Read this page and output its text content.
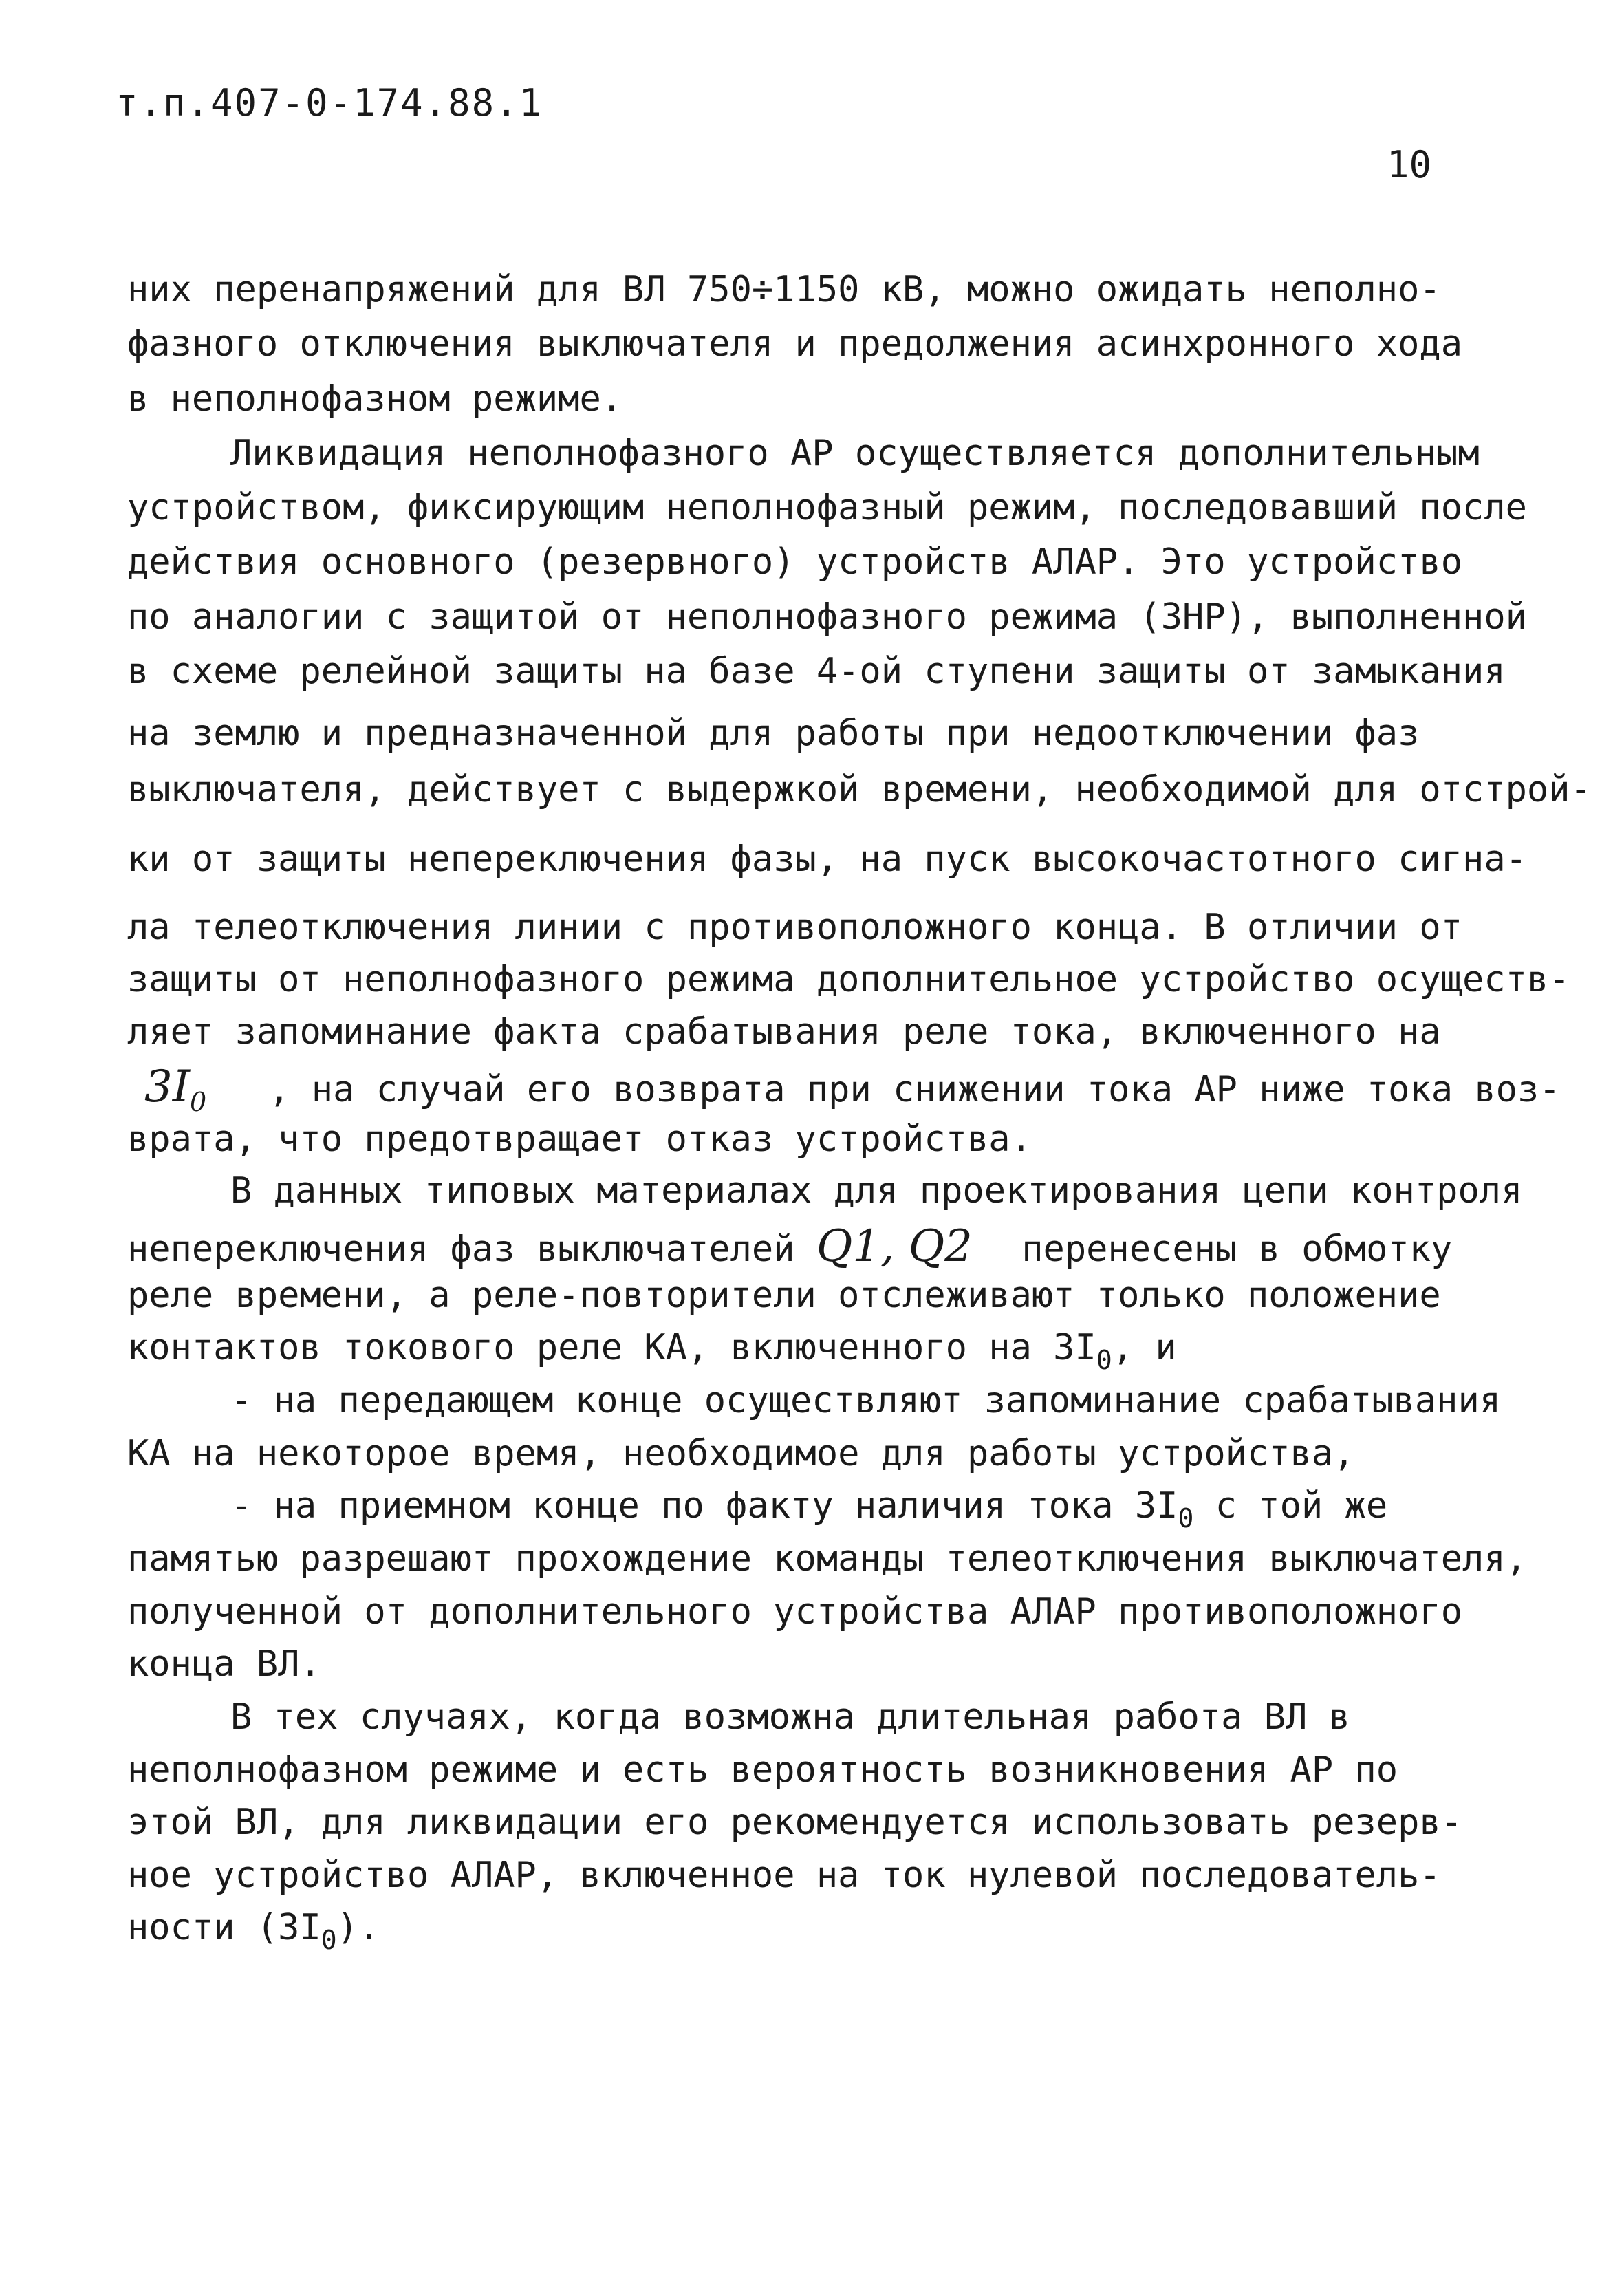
т.п.407-0-174.88.1
10
них перенапряжений для ВЛ 750÷1150 кВ, можно ожидать неполно-
фазного отключения выключателя и предолжения асинхронного хода
в неполнофазном режиме.
Ликвидация неполнофазного АР осуществляется дополнительным
устройством, фиксирующим неполнофазный режим, последовавший после
действия основного (резервного) устройств АЛАР. Это устройство
по аналогии с защитой от неполнофазного режима (ЗНР), выполненной
в схеме релейной защиты на базе 4-ой ступени защиты от замыкания
на землю и предназначенной для работы при недоотключении фаз
выключателя, действует с выдержкой времени, необходимой для отстрой-
ки от защиты непереключения фазы, на пуск высокочастотного сигна-
ла телеотключения линии с противоположного конца. В отличии от
защиты от неполнофазного режима дополнительное устройство осуществ-
ляет запоминание факта срабатывания реле тока, включенного на
$3I_0$ , на случай его возврата при снижении тока АР ниже тока воз-
врата, что предотвращает отказ устройства.
В данных типовых материалах для проектирования цепи контроля
непереключения фаз выключателей Q1, Q2 перенесены в обмотку
реле времени, а реле-повторители отслеживают только положение
контактов токового реле КА, включенного на $3I_0$, и
- на передающем конце осуществляют запоминание срабатывания
КА на некоторое время, необходимое для работы устройства,
- на приемном конце по факту наличия тока $3I_0$ с той же
памятью разрешают прохождение команды телеотключения выключателя,
полученной от дополнительного устройства АЛАР противоположного
конца ВЛ.
В тех случаях, когда возможна длительная работа ВЛ в
неполнофазном режиме и есть вероятность возникновения АР по
этой ВЛ, для ликвидации его рекомендуется использовать резерв-
ное устройство АЛАР, включенное на ток нулевой последователь-
ности $(3I_0)$.
